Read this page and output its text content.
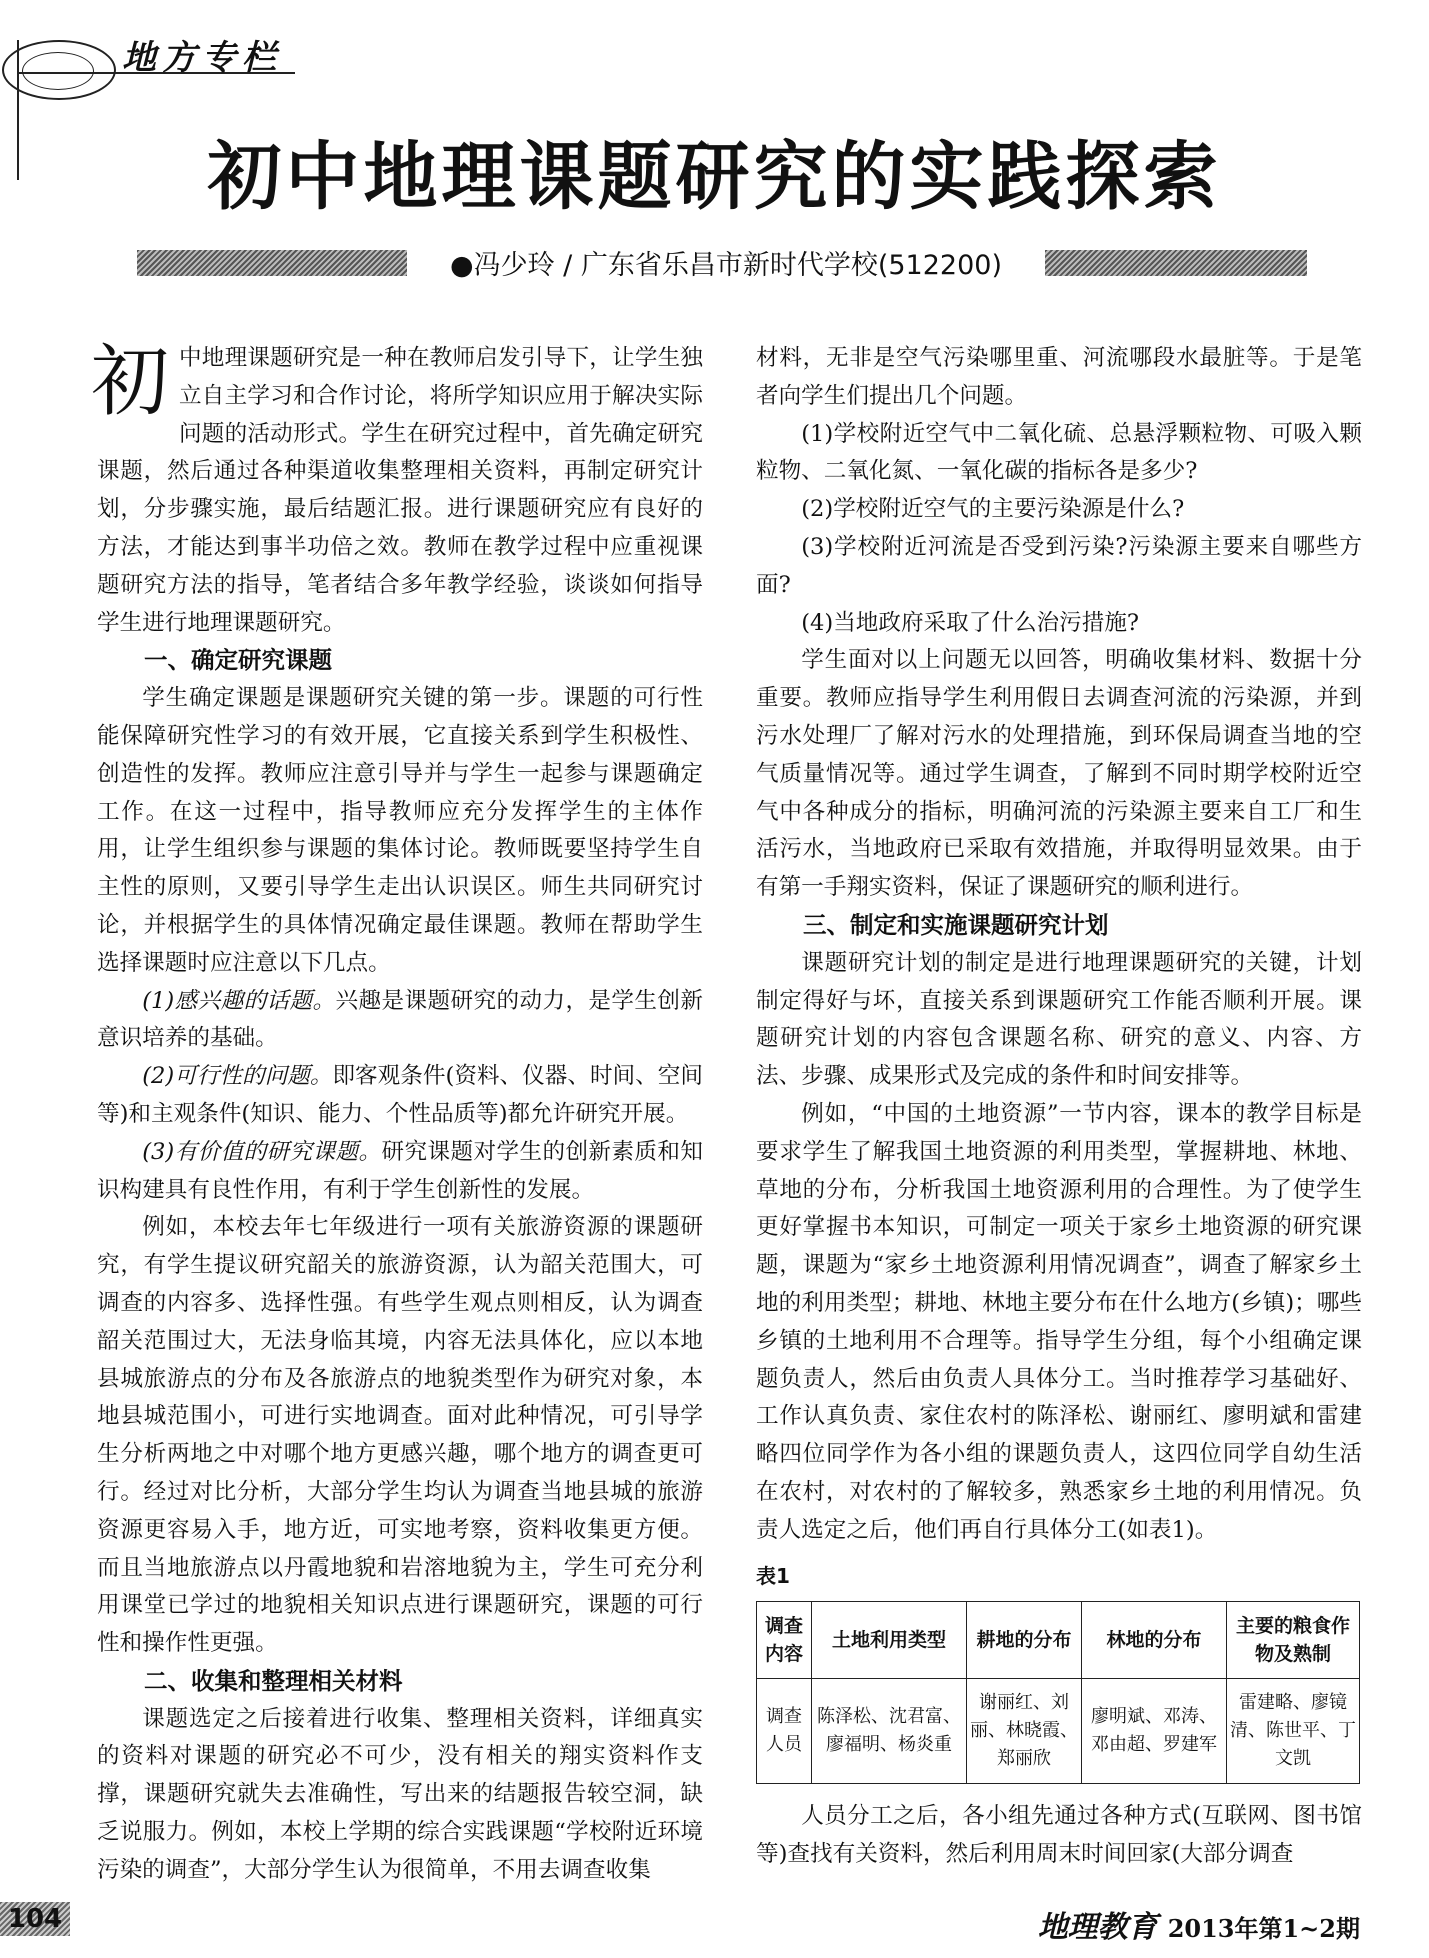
地方专栏
初中地理课题研究的实践探索
●冯少玲 / 广东省乐昌市新时代学校(512200)

初中地理课题研究是一种在教师启发引导下，让学生独立自主学习和合作讨论，将所学知识应用于解决实际问题的活动形式。学生在研究过程中，首先确定研究课题，然后通过各种渠道收集整理相关资料，再制定研究计划，分步骤实施，最后结题汇报。进行课题研究应有良好的方法，才能达到事半功倍之效。教师在教学过程中应重视课题研究方法的指导，笔者结合多年教学经验，谈谈如何指导学生进行地理课题研究。

一、确定研究课题

学生确定课题是课题研究关键的第一步。课题的可行性能保障研究性学习的有效开展，它直接关系到学生积极性、创造性的发挥。教师应注意引导并与学生一起参与课题确定工作。在这一过程中，指导教师应充分发挥学生的主体作用，让学生组织参与课题的集体讨论。教师既要坚持学生自主性的原则，又要引导学生走出认识误区。师生共同研究讨论，并根据学生的具体情况确定最佳课题。教师在帮助学生选择课题时应注意以下几点。

(1)感兴趣的话题。兴趣是课题研究的动力，是学生创新意识培养的基础。

(2)可行性的问题。即客观条件(资料、仪器、时间、空间等)和主观条件(知识、能力、个性品质等)都允许研究开展。

(3)有价值的研究课题。研究课题对学生的创新素质和知识构建具有良性作用，有利于学生创新性的发展。

例如，本校去年七年级进行一项有关旅游资源的课题研究，有学生提议研究韶关的旅游资源，认为韶关范围大，可调查的内容多、选择性强。有些学生观点则相反，认为调查韶关范围过大，无法身临其境，内容无法具体化，应以本地县城旅游点的分布及各旅游点的地貌类型作为研究对象，本地县城范围小，可进行实地调查。面对此种情况，可引导学生分析两地之中对哪个地方更感兴趣，哪个地方的调查更可行。经过对比分析，大部分学生均认为调查当地县城的旅游资源更容易入手，地方近，可实地考察，资料收集更方便。而且当地旅游点以丹霞地貌和岩溶地貌为主，学生可充分利用课堂已学过的地貌相关知识点进行课题研究，课题的可行性和操作性更强。

二、收集和整理相关材料

课题选定之后接着进行收集、整理相关资料，详细真实的资料对课题的研究必不可少，没有相关的翔实资料作支撑，课题研究就失去准确性，写出来的结题报告较空洞，缺乏说服力。例如，本校上学期的综合实践课题“学校附近环境污染的调查”，大部分学生认为很简单，不用去调查收集

材料，无非是空气污染哪里重、河流哪段水最脏等。于是笔者向学生们提出几个问题。

(1)学校附近空气中二氧化硫、总悬浮颗粒物、可吸入颗粒物、二氧化氮、一氧化碳的指标各是多少?

(2)学校附近空气的主要污染源是什么?

(3)学校附近河流是否受到污染?污染源主要来自哪些方面?

(4)当地政府采取了什么治污措施?

学生面对以上问题无以回答，明确收集材料、数据十分重要。教师应指导学生利用假日去调查河流的污染源，并到污水处理厂了解对污水的处理措施，到环保局调查当地的空气质量情况等。通过学生调查，了解到不同时期学校附近空气中各种成分的指标，明确河流的污染源主要来自工厂和生活污水，当地政府已采取有效措施，并取得明显效果。由于有第一手翔实资料，保证了课题研究的顺利进行。

三、制定和实施课题研究计划

课题研究计划的制定是进行地理课题研究的关键，计划制定得好与坏，直接关系到课题研究工作能否顺利开展。课题研究计划的内容包含课题名称、研究的意义、内容、方法、步骤、成果形式及完成的条件和时间安排等。

例如，“中国的土地资源”一节内容，课本的教学目标是要求学生了解我国土地资源的利用类型，掌握耕地、林地、草地的分布，分析我国土地资源利用的合理性。为了使学生更好掌握书本知识，可制定一项关于家乡土地资源的研究课题，课题为“家乡土地资源利用情况调查”，调查了解家乡土地的利用类型；耕地、林地主要分布在什么地方(乡镇)；哪些乡镇的土地利用不合理等。指导学生分组，每个小组确定课题负责人，然后由负责人具体分工。当时推荐学习基础好、工作认真负责、家住农村的陈泽松、谢丽红、廖明斌和雷建略四位同学作为各小组的课题负责人，这四位同学自幼生活在农村，对农村的了解较多，熟悉家乡土地的利用情况。负责人选定之后，他们再自行具体分工(如表1)。

表1
调查内容	土地利用类型	耕地的分布	林地的分布	主要的粮食作物及熟制
调查人员	陈泽松、沈君富、廖福明、杨炎重	谢丽红、刘丽、林晓霞、郑丽欣	廖明斌、邓涛、邓由超、罗建军	雷建略、廖镜清、陈世平、丁文凯

人员分工之后，各小组先通过各种方式(互联网、图书馆等)查找有关资料，然后利用周末时间回家(大部分调查

104	地理教育 2013年第1~2期
